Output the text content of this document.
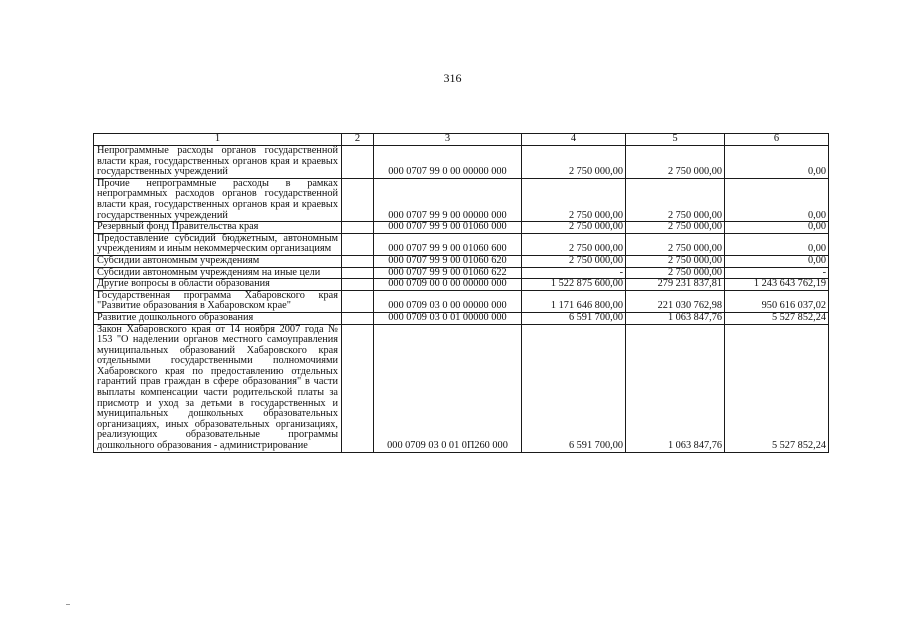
316
1	2	3	4	5	6
Непрограммные расходы органов государственной власти края, государственных органов края и краевых государственных учреждений		000 0707 99 0 00 00000 000	2 750 000,00	2 750 000,00	0,00
Прочие непрограммные расходы в рамках непрограммных расходов органов государственной власти края, государственных органов края и краевых государственных учреждений		000 0707 99 9 00 00000 000	2 750 000,00	2 750 000,00	0,00
Резервный фонд Правительства края		000 0707 99 9 00 01060 000	2 750 000,00	2 750 000,00	0,00
Предоставление субсидий бюджетным, автономным учреждениям и иным некоммерческим организациям		000 0707 99 9 00 01060 600	2 750 000,00	2 750 000,00	0,00
Субсидии автономным учреждениям		000 0707 99 9 00 01060 620	2 750 000,00	2 750 000,00	0,00
Субсидии автономным учреждениям на иные цели		000 0707 99 9 00 01060 622	-	2 750 000,00	-
Другие вопросы в области образования		000 0709 00 0 00 00000 000	1 522 875 600,00	279 231 837,81	1 243 643 762,19
Государственная программа Хабаровского края "Развитие образования в Хабаровском крае"		000 0709 03 0 00 00000 000	1 171 646 800,00	221 030 762,98	950 616 037,02
Развитие дошкольного образования		000 0709 03 0 01 00000 000	6 591 700,00	1 063 847,76	5 527 852,24
Закон Хабаровского края от 14 ноября 2007 года № 153 "О наделении органов местного самоуправления муниципальных образований Хабаровского края отдельными государственными полномочиями Хабаровского края по предоставлению отдельных гарантий прав граждан в сфере образования" в части выплаты компенсации части родительской платы за присмотр и уход за детьми в государственных и муниципальных дошкольных образовательных организациях, иных образовательных организациях, реализующих образовательные программы дошкольного образования - администрирование		000 0709 03 0 01 0П260 000	6 591 700,00	1 063 847,76	5 527 852,24
